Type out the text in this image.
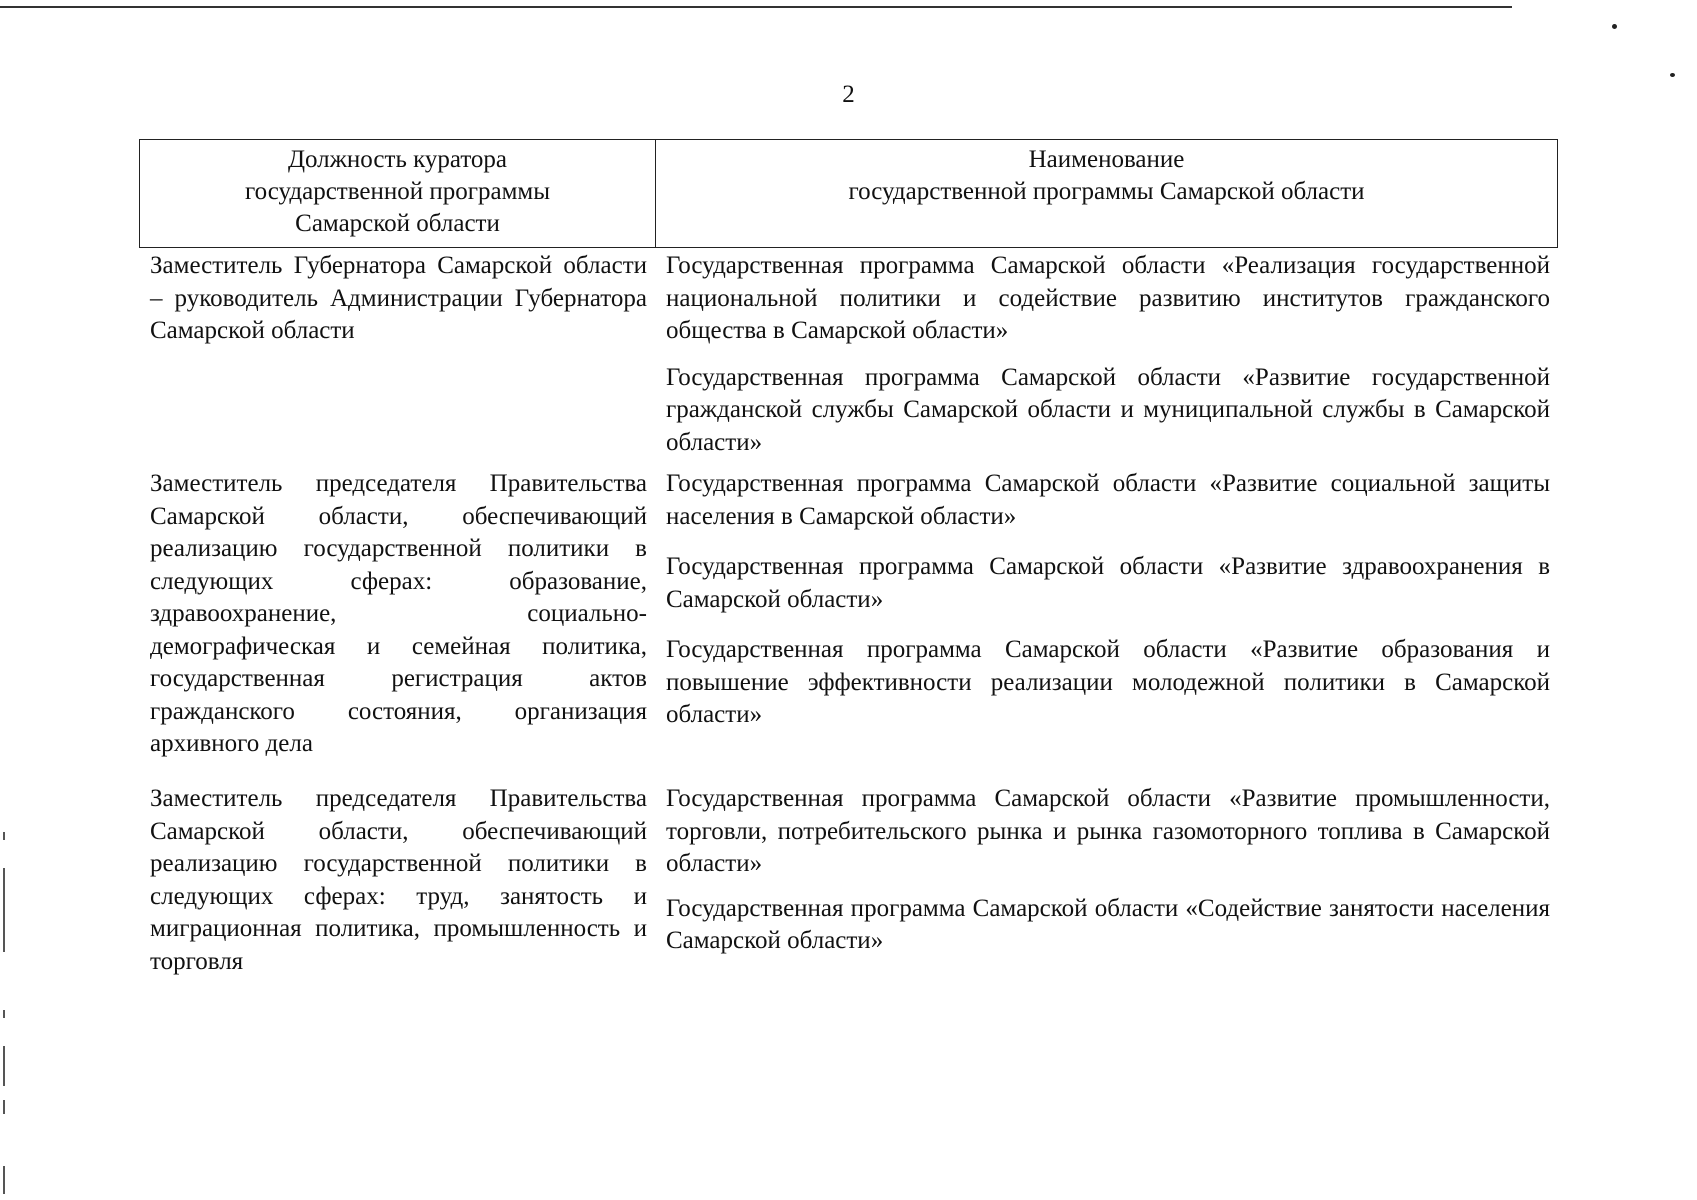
2
Должность куратора
государственной программы
Самарской области
Наименование
государственной программы Самарской области
Заместитель Губернатора Самарской области – руководитель Администрации Губернатора Самарской области

Государственная программа Самарской области «Реализация государственной национальной политики и содействие развитию институтов гражданского общества в Самарской области»

Государственная программа Самарской области «Развитие государственной гражданской службы Самарской области и муниципальной службы в Самарской области»

Заместитель председателя Правительства Самарской области, обеспечивающий реализацию государственной политики в следующих сферах: образование, здравоохранение, социально-демографическая и семейная политика, государственная регистрация актов гражданского состояния, организация архивного дела

Государственная программа Самарской области «Развитие социальной защиты населения в Самарской области»

Государственная программа Самарской области «Развитие здравоохранения в Самарской области»

Государственная программа Самарской области «Развитие образования и повышение эффективности реализации молодежной политики в Самарской области»

Заместитель председателя Правительства Самарской области, обеспечивающий реализацию государственной политики в следующих сферах: труд, занятость и миграционная политика, промышленность и торговля

Государственная программа Самарской области «Развитие промышленности, торговли, потребительского рынка и рынка газомоторного топлива в Самарской области»

Государственная программа Самарской области «Содействие занятости населения Самарской области»
